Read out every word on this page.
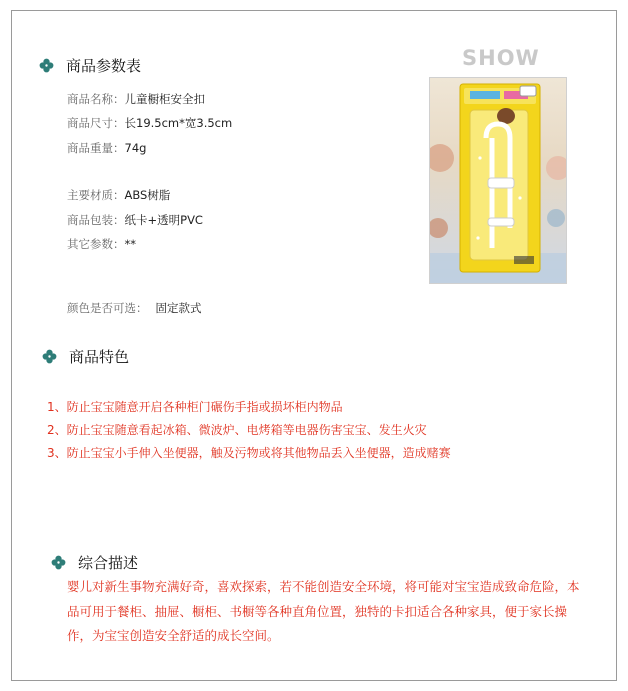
商品参数表
商品名称：儿童橱柜安全扣
商品尺寸：长19.5cm*宽3.5cm
商品重量：74g
主要材质：ABS树脂
商品包装：纸卡+透明PVC
其它参数：**
颜色是否可选： 固定款式
SHOW
商品特色
1、防止宝宝随意开启各种柜门碾伤手指或损坏柜内物品
2、防止宝宝随意看起冰箱、微波炉、电烤箱等电器伤害宝宝、发生火灾
3、防止宝宝小手伸入坐便器，触及污物或将其他物品丢入坐便器，造成赌赛
综合描述
婴儿对新生事物充满好奇，喜欢探索，若不能创造安全环境，将可能对宝宝造成致命危险，本品可用于餐柜、抽屉、橱柜、书橱等各种直角位置，独特的卡扣适合各种家具，便于家长操作，为宝宝创造安全舒适的成长空间。
